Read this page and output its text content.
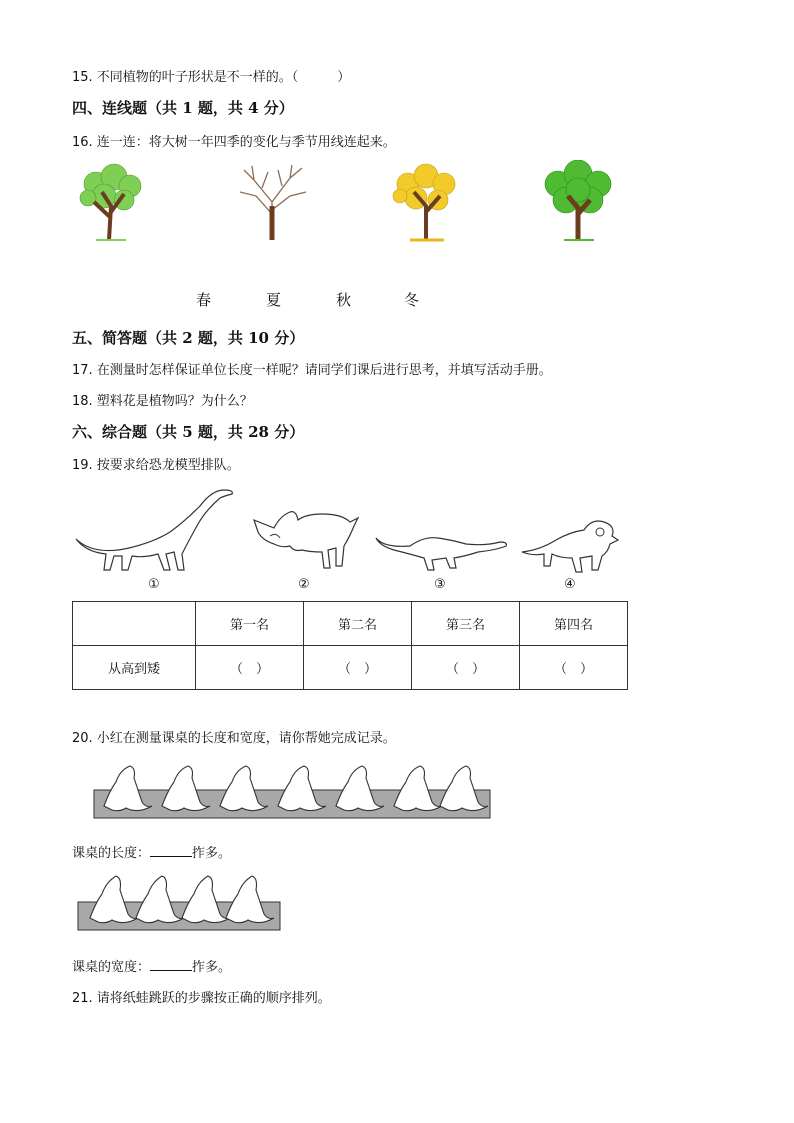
15. 不同植物的叶子形状是不一样的。（　　　）
四、连线题（共 1 题，共 4 分）
16. 连一连：将大树一年四季的变化与季节用线连起来。
春	夏	秋	冬
五、简答题（共 2 题，共 10 分）
17. 在测量时怎样保证单位长度一样呢？请同学们课后进行思考，并填写活动手册。
18. 塑料花是植物吗？为什么？
六、综合题（共 5 题，共 28 分）
19. 按要求给恐龙模型排队。
①	②	③	④
	第一名	第二名	第三名	第四名
从高到矮	（　）	（　）	（　）	（　）
20. 小红在测量课桌的长度和宽度，请你帮她完成记录。
课桌的长度：	拃多。
课桌的宽度：	拃多。
21. 请将纸蛙跳跃的步骤按正确的顺序排列。
